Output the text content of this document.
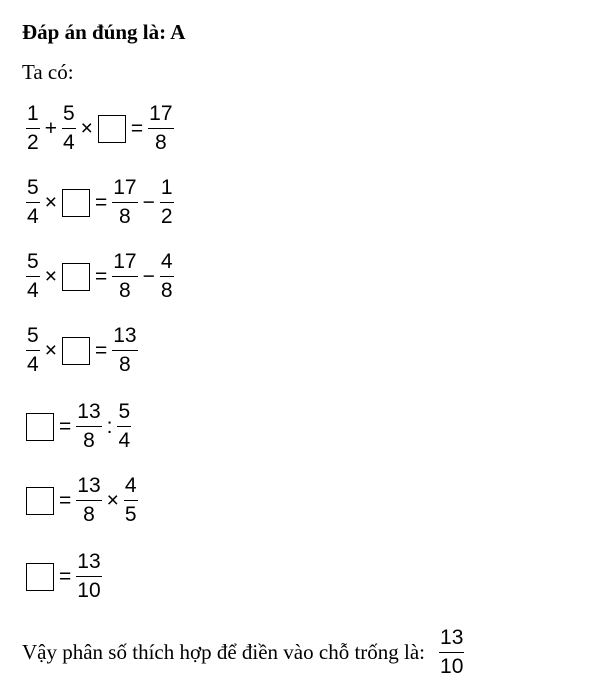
Đáp án đúng là: A
Ta có:
$\frac{1}{2} + \frac{5}{4}$ × = $\frac{17}{8}$
$\frac{5}{4}$ × = $\frac{17}{8} - \frac{1}{2}$
$\frac{5}{4}$ × = $\frac{17}{8} - \frac{4}{8}$
$\frac{5}{4}$ × = $\frac{13}{8}$
= $\frac{13}{8}$ : $\frac{5}{4}$
= $\frac{13}{8} \times \frac{4}{5}$
= $\frac{13}{10}$
Vậy phân số thích hợp để điền vào chỗ trống là: $\frac{13}{10}$
